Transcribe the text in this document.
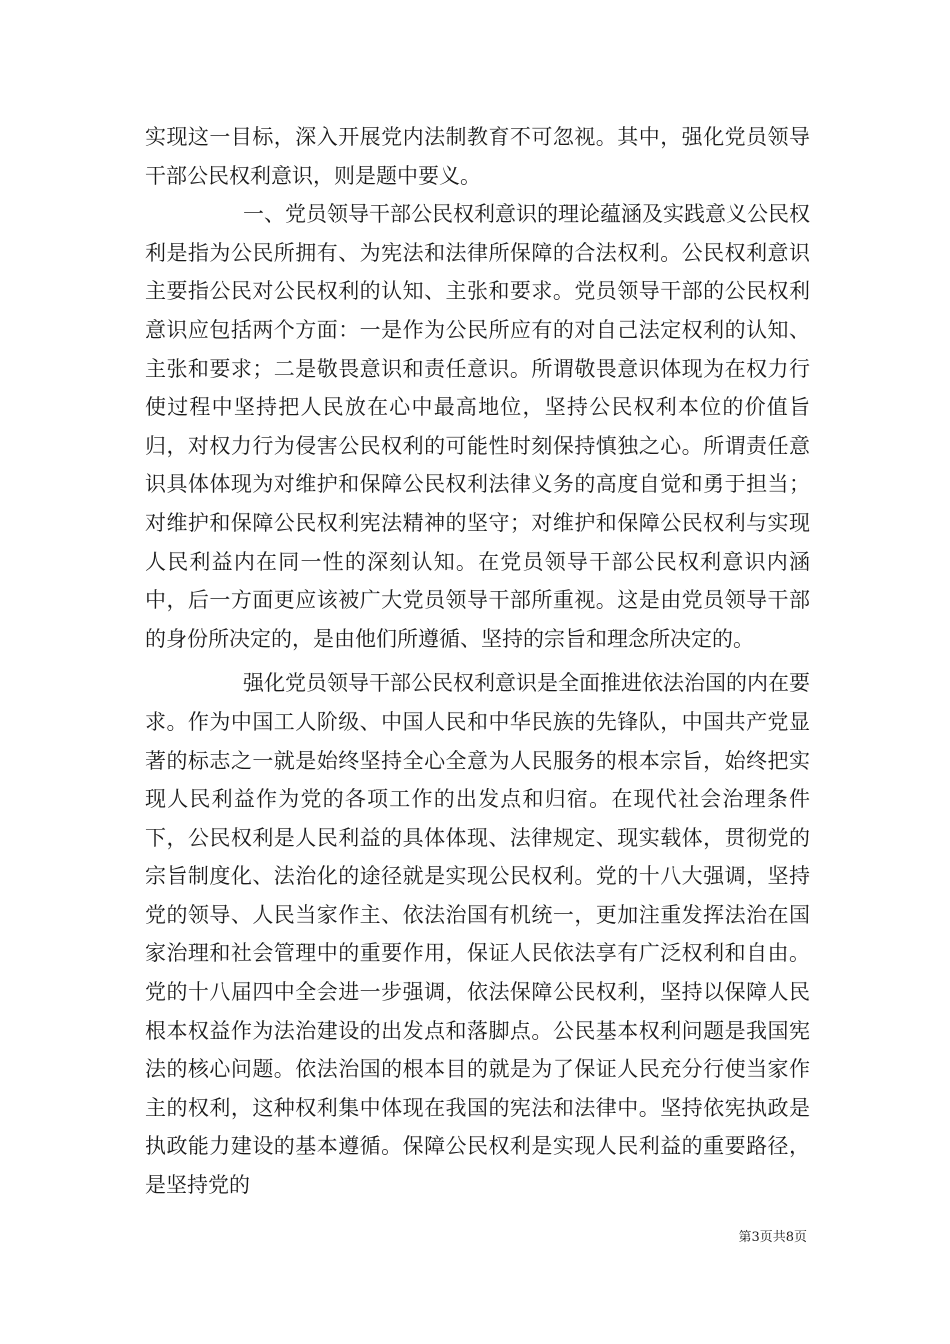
实现这一目标，深入开展党内法制教育不可忽视。其中，强化党员领导干部公民权利意识，则是题中要义。

一、党员领导干部公民权利意识的理论蕴涵及实践意义公民权利是指为公民所拥有、为宪法和法律所保障的合法权利。公民权利意识主要指公民对公民权利的认知、主张和要求。党员领导干部的公民权利意识应包括两个方面：一是作为公民所应有的对自己法定权利的认知、主张和要求；二是敬畏意识和责任意识。所谓敬畏意识体现为在权力行使过程中坚持把人民放在心中最高地位，坚持公民权利本位的价值旨归，对权力行为侵害公民权利的可能性时刻保持慎独之心。所谓责任意识具体体现为对维护和保障公民权利法律义务的高度自觉和勇于担当；对维护和保障公民权利宪法精神的坚守；对维护和保障公民权利与实现人民利益内在同一性的深刻认知。在党员领导干部公民权利意识内涵中，后一方面更应该被广大党员领导干部所重视。这是由党员领导干部的身份所决定的，是由他们所遵循、坚持的宗旨和理念所决定的。

强化党员领导干部公民权利意识是全面推进依法治国的内在要求。作为中国工人阶级、中国人民和中华民族的先锋队，中国共产党显著的标志之一就是始终坚持全心全意为人民服务的根本宗旨，始终把实现人民利益作为党的各项工作的出发点和归宿。在现代社会治理条件下，公民权利是人民利益的具体体现、法律规定、现实载体，贯彻党的宗旨制度化、法治化的途径就是实现公民权利。党的十八大强调，坚持党的领导、人民当家作主、依法治国有机统一，更加注重发挥法治在国家治理和社会管理中的重要作用，保证人民依法享有广泛权利和自由。党的十八届四中全会进一步强调，依法保障公民权利，坚持以保障人民根本权益作为法治建设的出发点和落脚点。公民基本权利问题是我国宪法的核心问题。依法治国的根本目的就是为了保证人民充分行使当家作主的权利，这种权利集中体现在我国的宪法和法律中。坚持依宪执政是执政能力建设的基本遵循。保障公民权利是实现人民利益的重要路径，是坚持党的

第3页共8页
